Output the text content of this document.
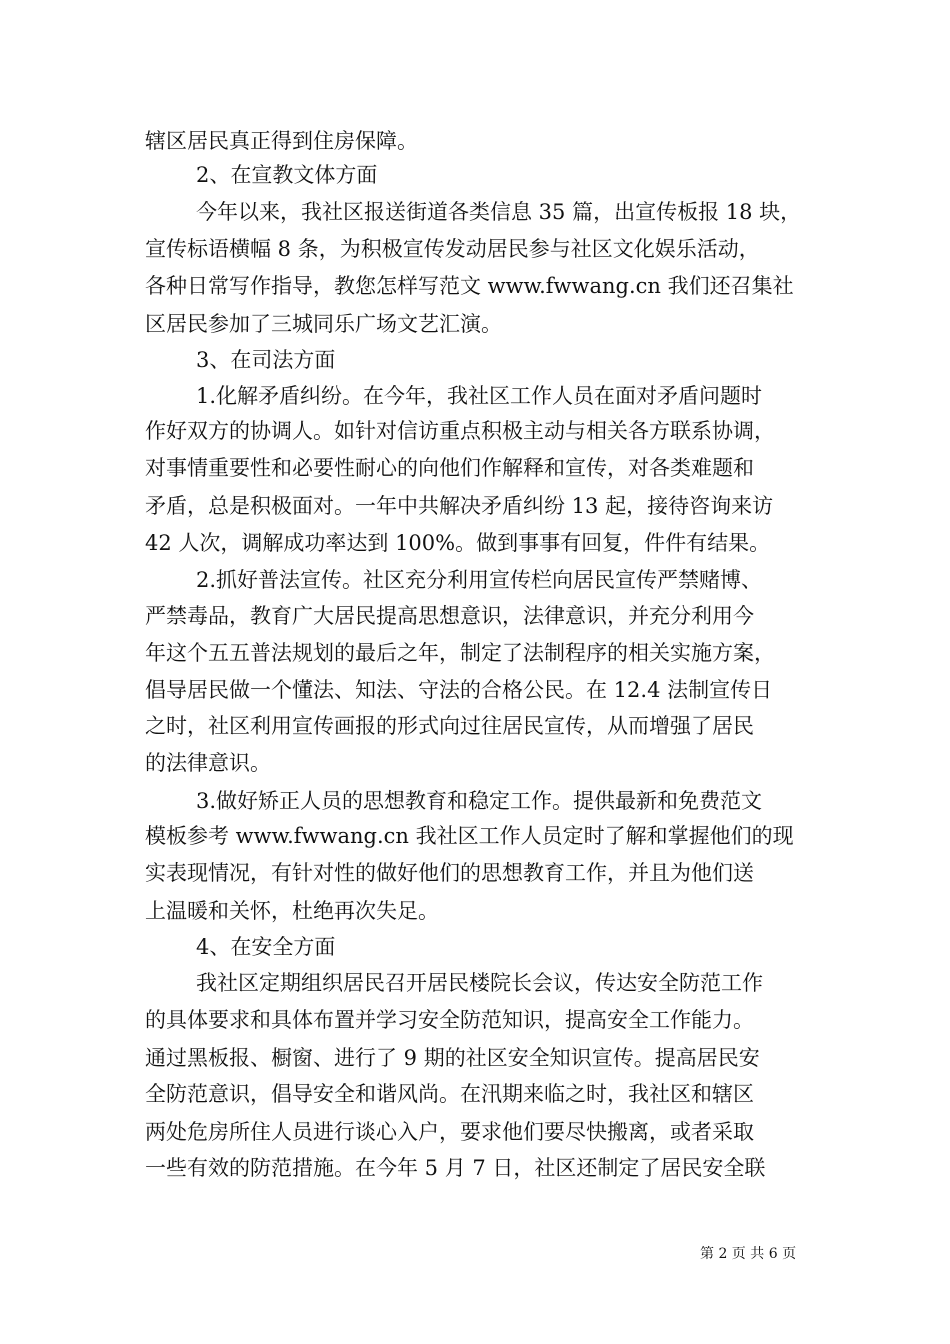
辖区居民真正得到住房保障。
2、在宣教文体方面
今年以来，我社区报送街道各类信息 35 篇，出宣传板报 18 块，
宣传标语横幅 8 条，为积极宣传发动居民参与社区文化娱乐活动，
各种日常写作指导，教您怎样写范文 www.fwwang.cn 我们还召集社
区居民参加了三城同乐广场文艺汇演。
3、在司法方面
1.化解矛盾纠纷。在今年，我社区工作人员在面对矛盾问题时
作好双方的协调人。如针对信访重点积极主动与相关各方联系协调，
对事情重要性和必要性耐心的向他们作解释和宣传，对各类难题和
矛盾，总是积极面对。一年中共解决矛盾纠纷 13 起，接待咨询来访
42 人次，调解成功率达到 100%。做到事事有回复，件件有结果。
2.抓好普法宣传。社区充分利用宣传栏向居民宣传严禁赌博、
严禁毒品，教育广大居民提高思想意识，法律意识，并充分利用今
年这个五五普法规划的最后之年，制定了法制程序的相关实施方案，
倡导居民做一个懂法、知法、守法的合格公民。在 12.4 法制宣传日
之时，社区利用宣传画报的形式向过往居民宣传，从而增强了居民
的法律意识。
3.做好矫正人员的思想教育和稳定工作。提供最新和免费范文
模板参考 www.fwwang.cn 我社区工作人员定时了解和掌握他们的现
实表现情况，有针对性的做好他们的思想教育工作，并且为他们送
上温暖和关怀，杜绝再次失足。
4、在安全方面
我社区定期组织居民召开居民楼院长会议，传达安全防范工作
的具体要求和具体布置并学习安全防范知识，提高安全工作能力。
通过黑板报、橱窗、进行了 9 期的社区安全知识宣传。提高居民安
全防范意识，倡导安全和谐风尚。在汛期来临之时，我社区和辖区
两处危房所住人员进行谈心入户，要求他们要尽快搬离，或者采取
一些有效的防范措施。在今年 5 月 7 日，社区还制定了居民安全联
第 2 页 共 6 页
